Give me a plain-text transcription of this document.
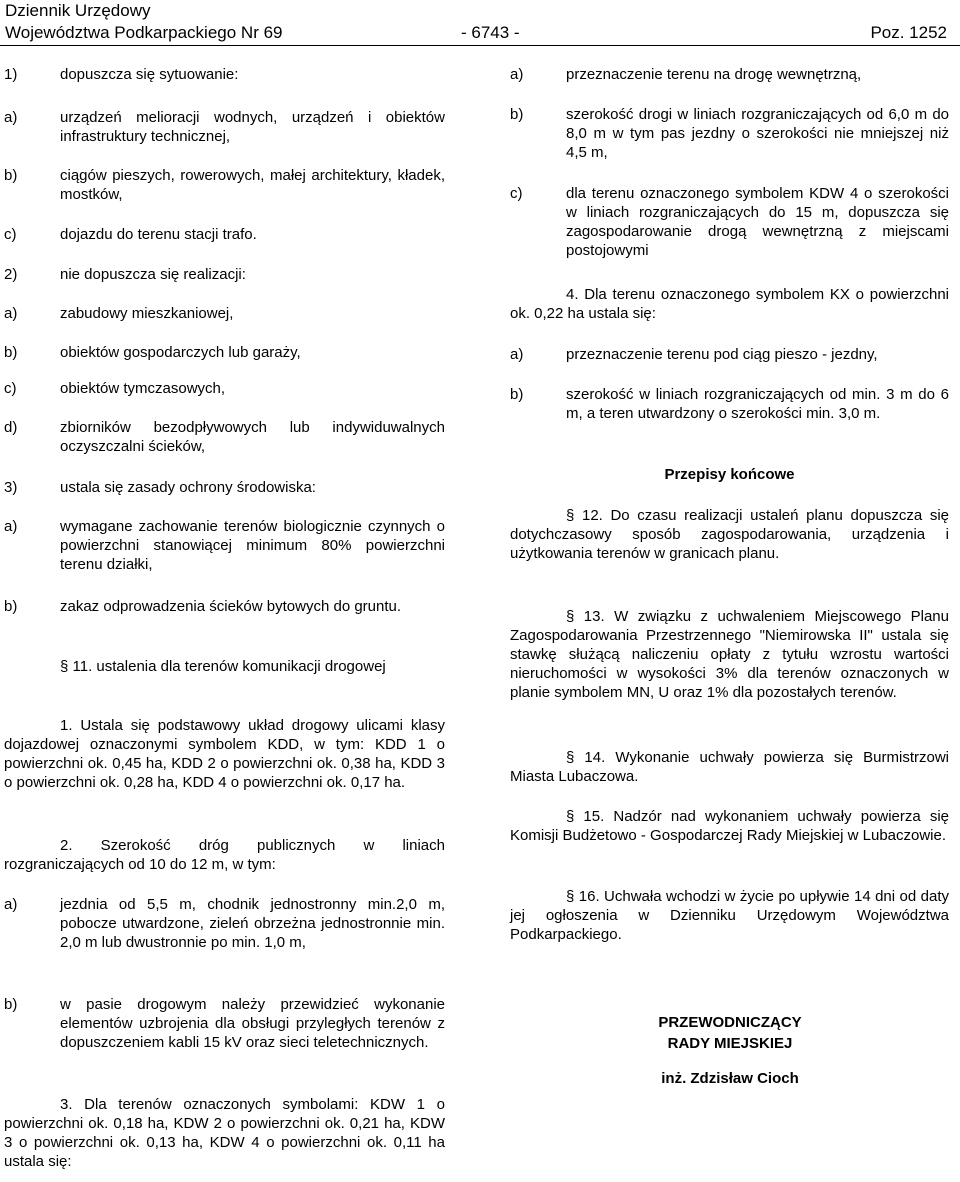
Dziennik Urzędowy
Województwa Podkarpackiego Nr 69	- 6743 -	Poz. 1252
1)	dopuszcza się sytuowanie:
a)	urządzeń melioracji wodnych, urządzeń i obiektów infrastruktury technicznej,
b)	ciągów pieszych, rowerowych, małej architektury, kładek, mostków,
c)	dojazdu do terenu stacji trafo.
2)	nie dopuszcza się realizacji:
a)	zabudowy mieszkaniowej,
b)	obiektów gospodarczych lub garaży,
c)	obiektów tymczasowych,
d)	zbiorników bezodpływowych lub indywiduwalnych oczyszczalni ścieków,
3)	ustala się zasady ochrony środowiska:
a)	wymagane zachowanie terenów biologicznie czynnych o powierzchni stanowiącej minimum 80% powierzchni terenu działki,
b)	zakaz odprowadzenia ścieków bytowych do gruntu.
§ 11. ustalenia dla terenów komunikacji drogowej
1. Ustala się podstawowy układ drogowy ulicami klasy dojazdowej oznaczonymi symbolem KDD, w tym: KDD 1 o powierzchni ok. 0,45 ha, KDD 2 o powierzchni ok. 0,38 ha, KDD 3 o powierzchni ok. 0,28 ha, KDD 4 o powierzchni ok. 0,17 ha.
2. Szerokość dróg publicznych w liniach rozgraniczających od 10 do 12 m, w tym:
a)	jezdnia od 5,5 m, chodnik jednostronny min.2,0 m, pobocze utwardzone, zieleń obrzeżna jednostronnie min. 2,0 m lub dwustronnie po min. 1,0 m,
b)	w pasie drogowym należy przewidzieć wykonanie elementów uzbrojenia dla obsługi przyległych terenów z dopuszczeniem kabli 15 kV oraz sieci teletechnicznych.
3. Dla terenów oznaczonych symbolami: KDW 1 o powierzchni ok. 0,18 ha, KDW 2 o powierzchni ok. 0,21 ha, KDW 3 o powierzchni ok. 0,13 ha, KDW 4 o powierzchni ok. 0,11 ha ustala się:
a)	przeznaczenie terenu na drogę wewnętrzną,
b)	szerokość drogi w liniach rozgraniczających od 6,0 m do 8,0 m w tym pas jezdny o szerokości nie mniejszej niż 4,5 m,
c)	dla terenu oznaczonego symbolem KDW 4 o szerokości w liniach rozgraniczających do 15 m, dopuszcza się zagospodarowanie drogą wewnętrzną z miejscami postojowymi
4. Dla terenu oznaczonego symbolem KX o powierzchni ok. 0,22 ha ustala się:
a)	przeznaczenie terenu pod ciąg pieszo - jezdny,
b)	szerokość w liniach rozgraniczających od min. 3 m do 6 m, a teren utwardzony o szerokości min. 3,0 m.
Przepisy końcowe
§ 12. Do czasu realizacji ustaleń planu dopuszcza się dotychczasowy sposób zagospodarowania, urządzenia i użytkowania terenów w granicach planu.
§ 13. W związku z uchwaleniem Miejscowego Planu Zagospodarowania Przestrzennego "Niemirowska II" ustala się stawkę służącą naliczeniu opłaty z tytułu wzrostu wartości nieruchomości w wysokości 3% dla terenów oznaczonych w planie symbolem MN, U oraz 1% dla pozostałych terenów.
§ 14. Wykonanie uchwały powierza się Burmistrzowi Miasta Lubaczowa.
§ 15. Nadzór nad wykonaniem uchwały powierza się Komisji Budżetowo - Gospodarczej Rady Miejskiej w Lubaczowie.
§ 16. Uchwała wchodzi w życie po upływie 14 dni od daty jej ogłoszenia w Dzienniku Urzędowym Województwa Podkarpackiego.
PRZEWODNICZĄCY
RADY MIEJSKIEJ
inż. Zdzisław Cioch
